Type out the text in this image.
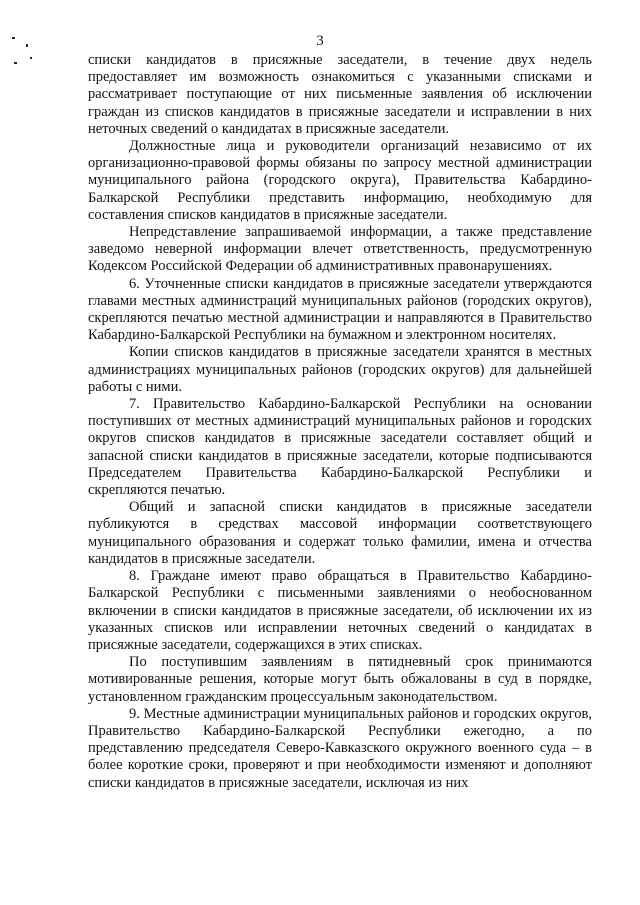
3

списки кандидатов в присяжные заседатели, в течение двух недель предоставляет им возможность ознакомиться с указанными списками и рассматривает поступающие от них письменные заявления об исключении граждан из списков кандидатов в присяжные заседатели и исправлении в них неточных сведений о кандидатах в присяжные заседатели.

Должностные лица и руководители организаций независимо от их организационно-правовой формы обязаны по запросу местной администрации муниципального района (городского округа), Правительства Кабардино-Балкарской Республики представить информацию, необходимую для составления списков кандидатов в присяжные заседатели.

Непредставление запрашиваемой информации, а также представление заведомо неверной информации влечет ответственность, предусмотренную Кодексом Российской Федерации об административных правонарушениях.

6. Уточненные списки кандидатов в присяжные заседатели утверждаются главами местных администраций муниципальных районов (городских округов), скрепляются печатью местной администрации и направляются в Правительство Кабардино-Балкарской Республики на бумажном и электронном носителях.

Копии списков кандидатов в присяжные заседатели хранятся в местных администрациях муниципальных районов (городских округов) для дальнейшей работы с ними.

7. Правительство Кабардино-Балкарской Республики на основании поступивших от местных администраций муниципальных районов и городских округов списков кандидатов в присяжные заседатели составляет общий и запасной списки кандидатов в присяжные заседатели, которые подписываются Председателем Правительства Кабардино-Балкарской Республики и скрепляются печатью.

Общий и запасной списки кандидатов в присяжные заседатели публикуются в средствах массовой информации соответствующего муниципального образования и содержат только фамилии, имена и отчества кандидатов в присяжные заседатели.

8. Граждане имеют право обращаться в Правительство Кабардино-Балкарской Республики с письменными заявлениями о необоснованном включении в списки кандидатов в присяжные заседатели, об исключении их из указанных списков или исправлении неточных сведений о кандидатах в присяжные заседатели, содержащихся в этих списках.

По поступившим заявлениям в пятидневный срок принимаются мотивированные решения, которые могут быть обжалованы в суд в порядке, установленном гражданским процессуальным законодательством.

9. Местные администрации муниципальных районов и городских округов, Правительство Кабардино-Балкарской Республики ежегодно, а по представлению председателя Северо-Кавказского окружного военного суда – в более короткие сроки, проверяют и при необходимости изменяют и дополняют списки кандидатов в присяжные заседатели, исключая из них
